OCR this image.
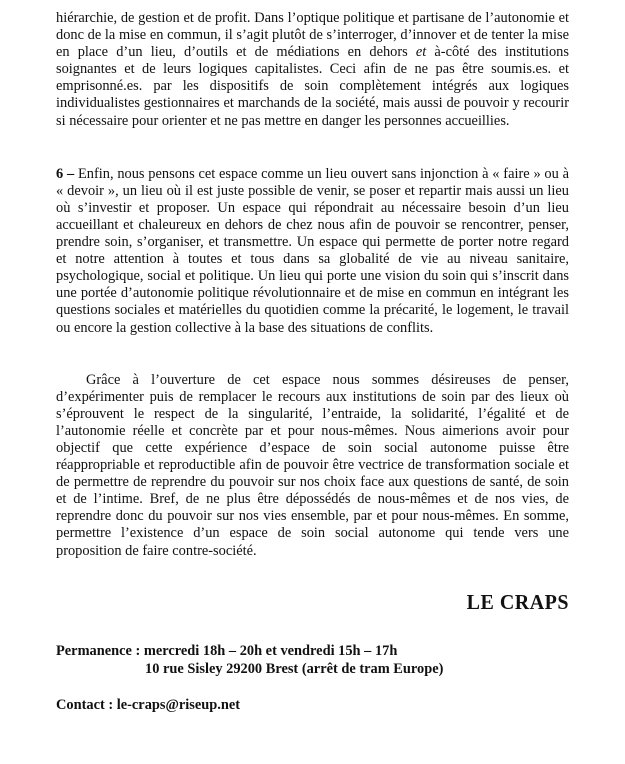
hiérarchie, de gestion et de profit. Dans l’optique politique et partisane de l’autonomie et donc de la mise en commun, il s’agit plutôt de s’interroger, d’innover et de tenter la mise en place d’un lieu, d’outils et de médiations en dehors et à-côté des institutions soignantes et de leurs logiques capitalistes. Ceci afin de ne pas être soumis.es. et emprisonné.es. par les dispositifs de soin complètement intégrés aux logiques individualistes gestionnaires et marchands de la société, mais aussi de pouvoir y recourir si nécessaire pour orienter et ne pas mettre en danger les personnes accueillies.

6 – Enfin, nous pensons cet espace comme un lieu ouvert sans injonction à « faire » ou à « devoir », un lieu où il est juste possible de venir, se poser et repartir mais aussi un lieu où s’investir et proposer. Un espace qui répondrait au nécessaire besoin d’un lieu accueillant et chaleureux en dehors de chez nous afin de pouvoir se rencontrer, penser, prendre soin, s’organiser, et transmettre. Un espace qui permette de porter notre regard et notre attention à toutes et tous dans sa globalité de vie au niveau sanitaire, psychologique, social et politique. Un lieu qui porte une vision du soin qui s’inscrit dans une portée d’autonomie politique révolutionnaire et de mise en commun en intégrant les questions sociales et matérielles du quotidien comme la précarité, le logement, le travail ou encore la gestion collective à la base des situations de conflits.

Grâce à l’ouverture de cet espace nous sommes désireuses de penser, d’expérimenter puis de remplacer le recours aux institutions de soin par des lieux où s’éprouvent le respect de la singularité, l’entraide, la solidarité, l’égalité et de l’autonomie réelle et concrète par et pour nous-mêmes. Nous aimerions avoir pour objectif que cette expérience d’espace de soin social autonome puisse être réappropriable et reproductible afin de pouvoir être vectrice de transformation sociale et de permettre de reprendre du pouvoir sur nos choix face aux questions de santé, de soin et de l’intime. Bref, de ne plus être dépossédés de nous-mêmes et de nos vies, de reprendre donc du pouvoir sur nos vies ensemble, par et pour nous-mêmes. En somme, permettre l’existence d’un espace de soin social autonome qui tende vers une proposition de faire contre-société.

LE CRAPS
Permanence : mercredi 18h – 20h et vendredi 15h – 17h
10 rue Sisley 29200 Brest (arrêt de tram Europe)
Contact : le-craps@riseup.net
